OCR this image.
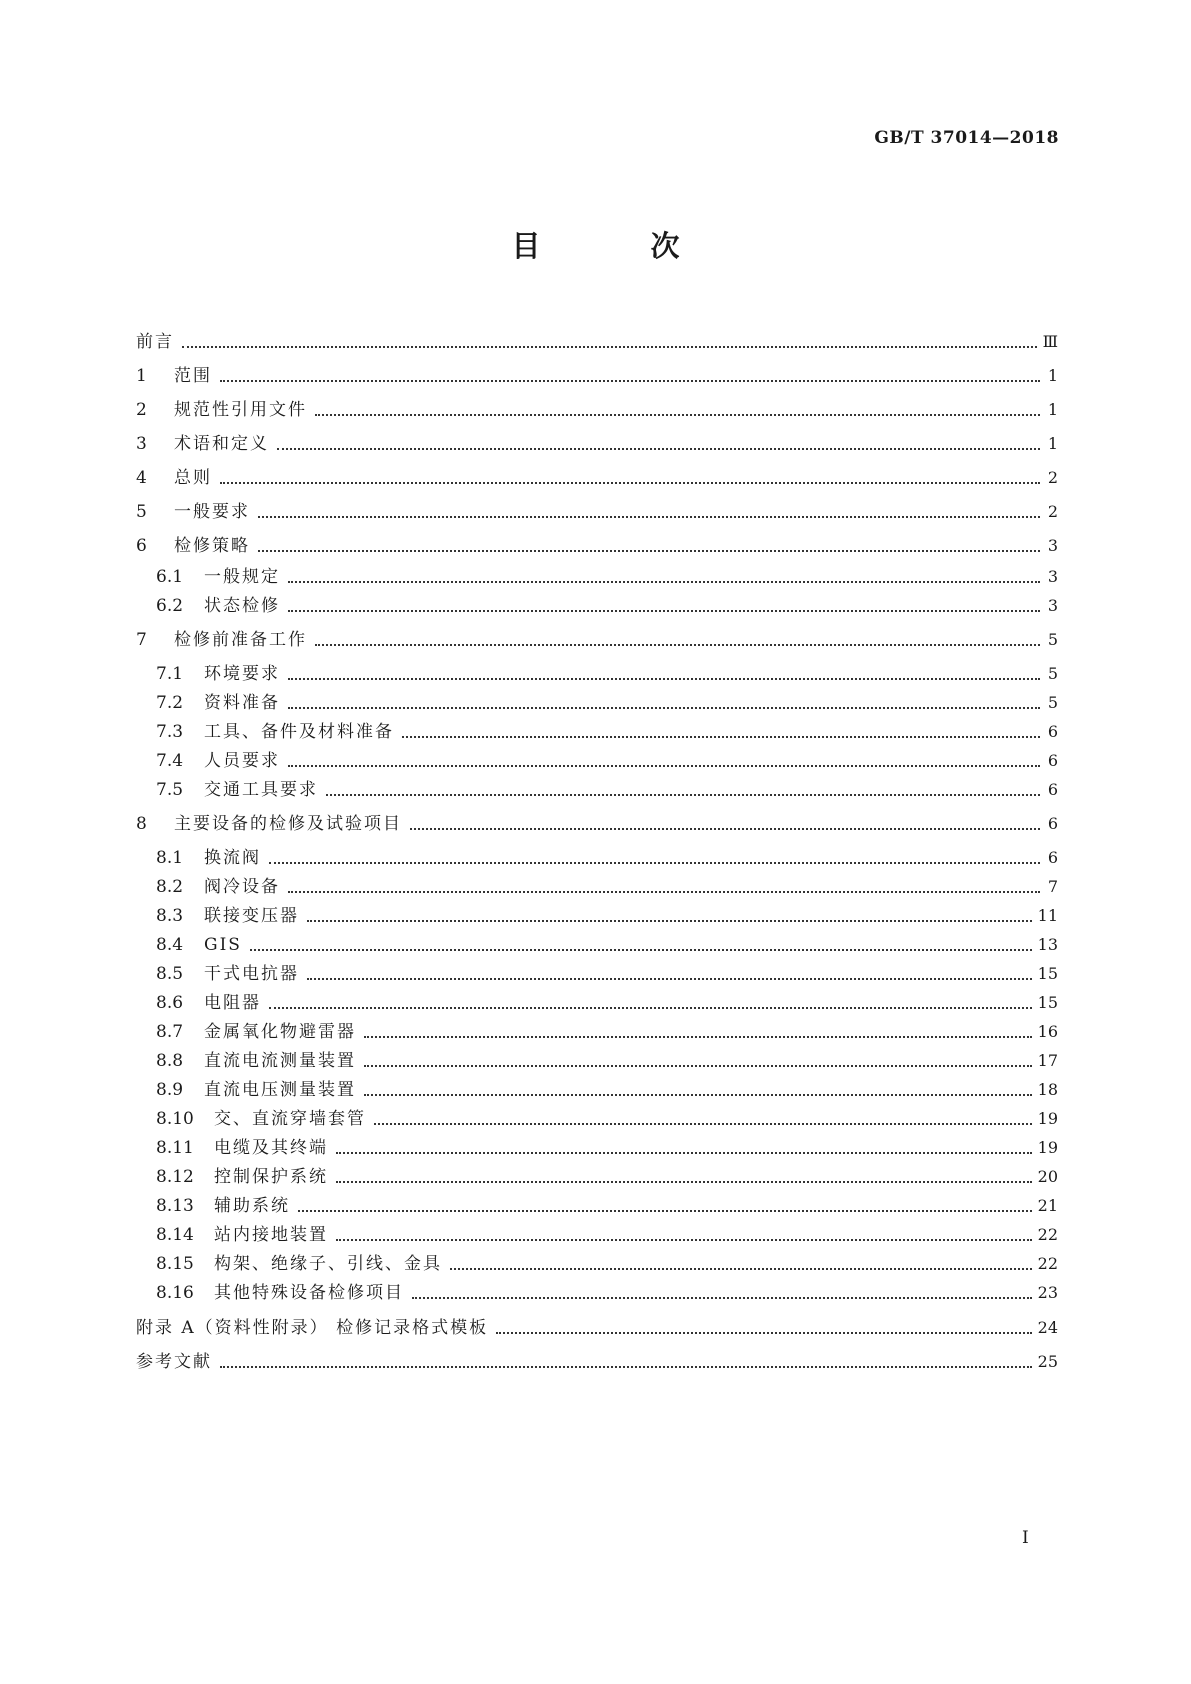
GB/T 37014—2018
目 次
前言	Ⅲ
1	范围	1
2	规范性引用文件	1
3	术语和定义	1
4	总则	2
5	一般要求	2
6	检修策略	3
6.1	一般规定	3
6.2	状态检修	3
7	检修前准备工作	5
7.1	环境要求	5
7.2	资料准备	5
7.3	工具、备件及材料准备	6
7.4	人员要求	6
7.5	交通工具要求	6
8	主要设备的检修及试验项目	6
8.1	换流阀	6
8.2	阀冷设备	7
8.3	联接变压器	11
8.4	GIS	13
8.5	干式电抗器	15
8.6	电阻器	15
8.7	金属氧化物避雷器	16
8.8	直流电流测量装置	17
8.9	直流电压测量装置	18
8.10	交、直流穿墙套管	19
8.11	电缆及其终端	19
8.12	控制保护系统	20
8.13	辅助系统	21
8.14	站内接地装置	22
8.15	构架、绝缘子、引线、金具	22
8.16	其他特殊设备检修项目	23
附录 A（资料性附录） 检修记录格式模板	24
参考文献	25
I
